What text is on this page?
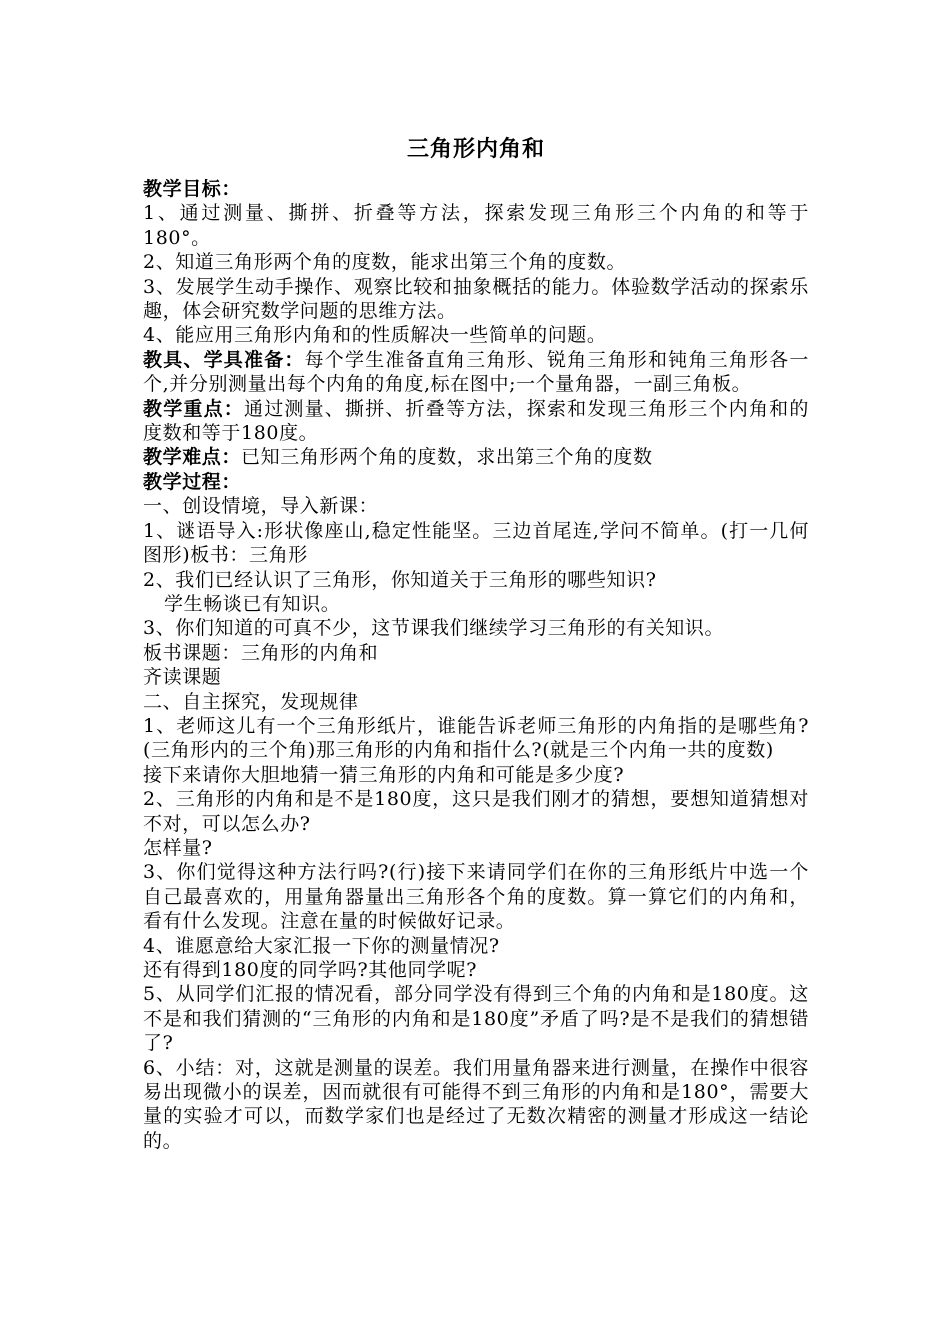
三角形内角和
教学目标：
1、通过测量、撕拼、折叠等方法，探索发现三角形三个内角的和等于180°。
2、知道三角形两个角的度数，能求出第三个角的度数。
3、发展学生动手操作、观察比较和抽象概括的能力。体验数学活动的探索乐趣，体会研究数学问题的思维方法。
4、能应用三角形内角和的性质解决一些简单的问题。
教具、学具准备：每个学生准备直角三角形、锐角三角形和钝角三角形各一个,并分别测量出每个内角的角度,标在图中;一个量角器，一副三角板。
教学重点：通过测量、撕拼、折叠等方法，探索和发现三角形三个内角和的度数和等于180度。
教学难点：已知三角形两个角的度数，求出第三个角的度数
教学过程：
一、创设情境，导入新课：
1、谜语导入:形状像座山,稳定性能坚。三边首尾连,学问不简单。(打一几何图形)板书：三角形
2、我们已经认识了三角形，你知道关于三角形的哪些知识?
学生畅谈已有知识。
3、你们知道的可真不少，这节课我们继续学习三角形的有关知识。
板书课题：三角形的内角和
齐读课题
二、自主探究，发现规律
1、老师这儿有一个三角形纸片，谁能告诉老师三角形的内角指的是哪些角?(三角形内的三个角)那三角形的内角和指什么?(就是三个内角一共的度数)
接下来请你大胆地猜一猜三角形的内角和可能是多少度?
2、三角形的内角和是不是180度，这只是我们刚才的猜想，要想知道猜想对不对，可以怎么办?
怎样量?
3、你们觉得这种方法行吗?(行)接下来请同学们在你的三角形纸片中选一个自己最喜欢的，用量角器量出三角形各个角的度数。算一算它们的内角和，看有什么发现。注意在量的时候做好记录。
4、谁愿意给大家汇报一下你的测量情况?
还有得到180度的同学吗?其他同学呢?
5、从同学们汇报的情况看，部分同学没有得到三个角的内角和是180度。这不是和我们猜测的“三角形的内角和是180度”矛盾了吗?是不是我们的猜想错了?
6、小结：对，这就是测量的误差。我们用量角器来进行测量，在操作中很容易出现微小的误差，因而就很有可能得不到三角形的内角和是180°，需要大量的实验才可以，而数学家们也是经过了无数次精密的测量才形成这一结论的。
